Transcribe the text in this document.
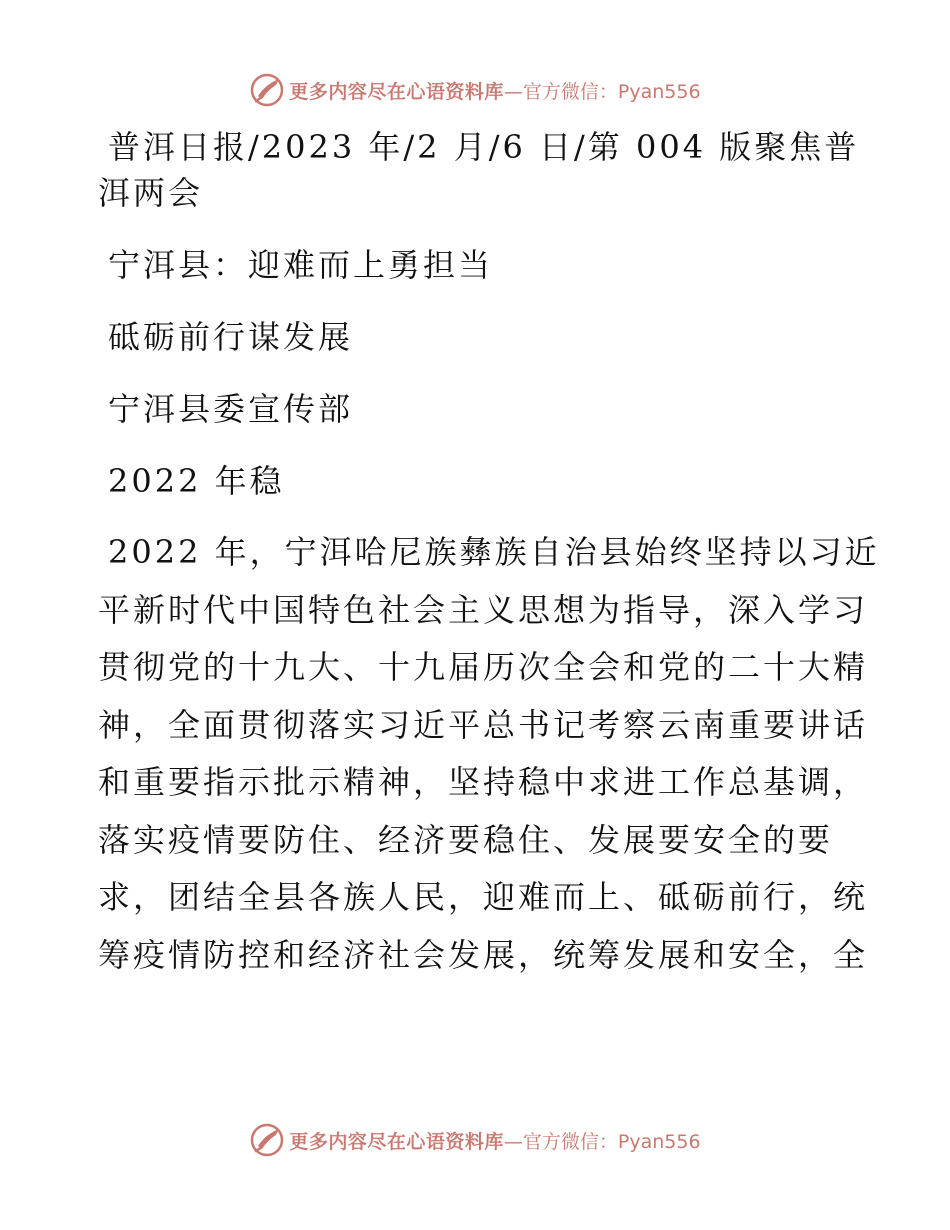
更多内容尽在心语资料库 —官方微信：Pyan556
普洱日报/2023 年/2 月/6 日/第 004 版聚焦普
洱两会
宁洱县：迎难而上勇担当
砥砺前行谋发展
宁洱县委宣传部
2022 年稳
2022 年，宁洱哈尼族彝族自治县始终坚持以习近
平新时代中国特色社会主义思想为指导，深入学习
贯彻党的十九大、十九届历次全会和党的二十大精
神，全面贯彻落实习近平总书记考察云南重要讲话
和重要指示批示精神，坚持稳中求进工作总基调，
落实疫情要防住、经济要稳住、发展要安全的要
求，团结全县各族人民，迎难而上、砥砺前行，统
筹疫情防控和经济社会发展，统筹发展和安全，全
更多内容尽在心语资料库 —官方微信：Pyan556
